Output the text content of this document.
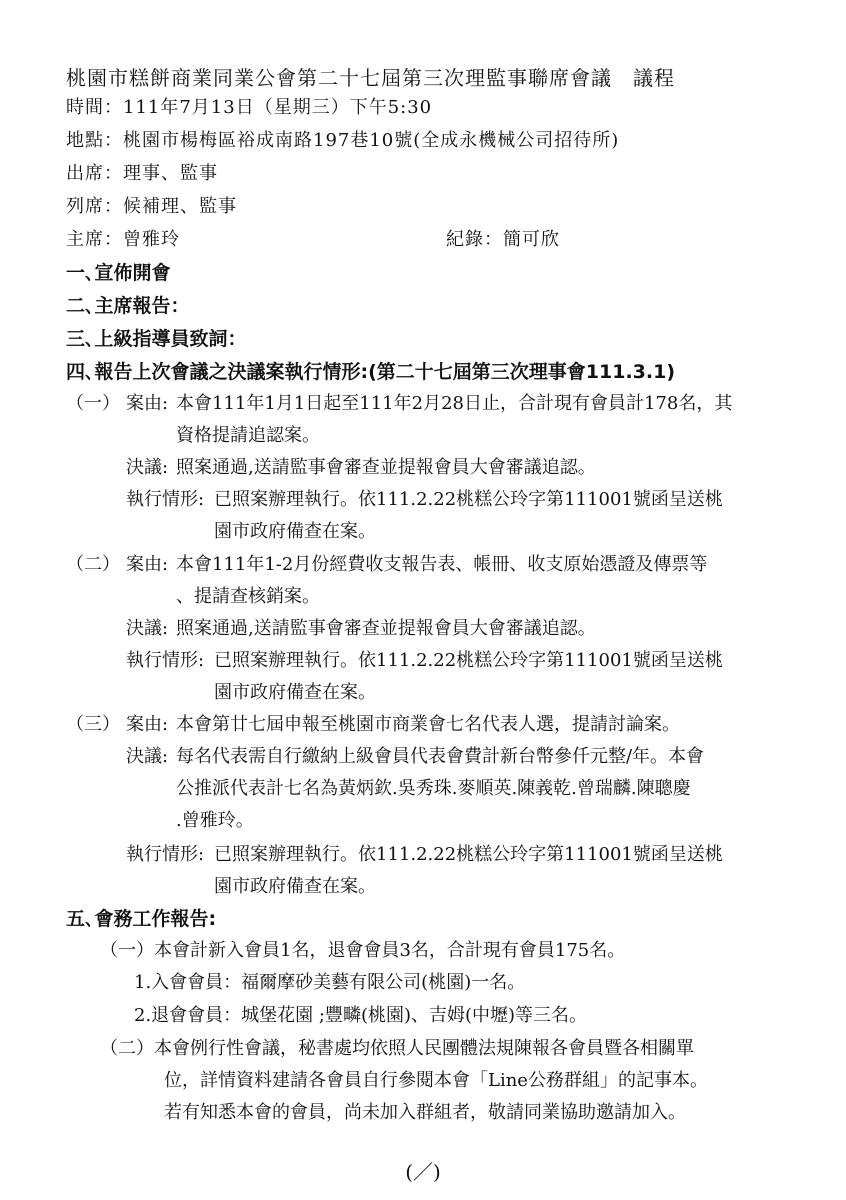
桃園市糕餅商業同業公會第二十七屆第三次理監事聯席會議　議程
時間：111年7月13日（星期三）下午5:30
地點：桃園市楊梅區裕成南路197巷10號(全成永機械公司招待所)
出席：理事、監事
列席：候補理、監事
主席：曾雅玲	紀錄：簡可欣
一､宣佈開會
二､主席報告：
三､上級指導員致詞：
四､報告上次會議之決議案執行情形:(第二十七屆第三次理事會111.3.1)
（一） 案由: 本會111年1月1日起至111年2月28日止，合計現有會員計178名，其
資格提請追認案。
決議: 照案通過,送請監事會審查並提報會員大會審議追認。
執行情形: 已照案辦理執行。依111.2.22桃糕公玲字第111001號函呈送桃
園市政府備查在案。
（二） 案由: 本會111年1-2月份經費收支報告表、帳冊、收支原始憑證及傳票等
、提請查核銷案。
決議: 照案通過,送請監事會審查並提報會員大會審議追認。
執行情形: 已照案辦理執行。依111.2.22桃糕公玲字第111001號函呈送桃
園市政府備查在案。
（三） 案由: 本會第廿七屆申報至桃園市商業會七名代表人選，提請討論案。
決議: 每名代表需自行繳納上級會員代表會費計新台幣參仟元整/年。本會
公推派代表計七名為黃炳欽.吳秀珠.麥順英.陳義乾.曾瑞麟.陳聰慶
.曾雅玲。
執行情形: 已照案辦理執行。依111.2.22桃糕公玲字第111001號函呈送桃
園市政府備查在案。
五､會務工作報告:
（一）本會計新入會員1名，退會會員3名，合計現有會員175名。
1.入會會員：福爾摩砂美藝有限公司(桃園)一名。
2.退會會員：城堡花園 ;豐疄(桃園)、吉姆(中壢)等三名。
（二）本會例行性會議，秘書處均依照人民團體法規陳報各會員暨各相關單
位，詳情資料建請各會員自行參閱本會「Line公務群組」的記事本。
若有知悉本會的會員，尚未加入群組者，敬請同業協助邀請加入。
(／)
